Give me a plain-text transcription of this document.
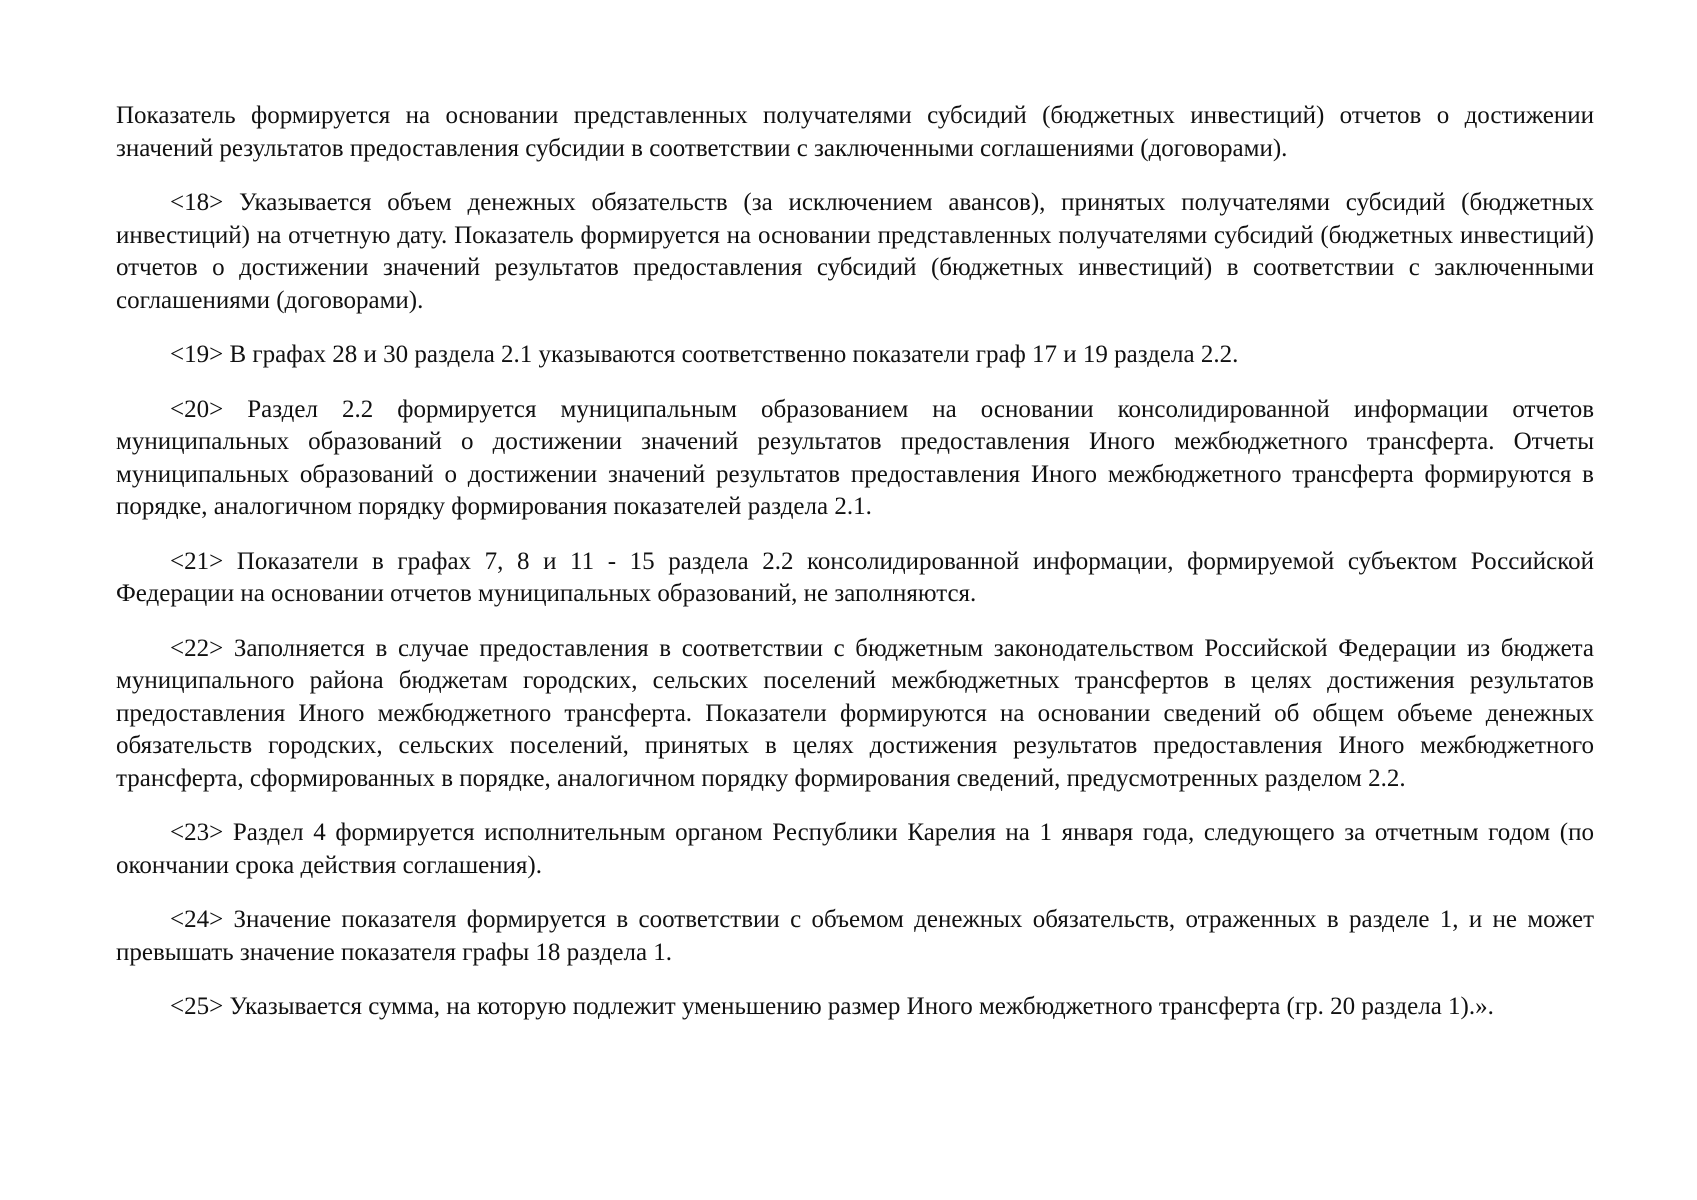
Показатель формируется на основании представленных получателями субсидий (бюджетных инвестиций) отчетов о достижении значений результатов предоставления субсидии в соответствии с заключенными соглашениями (договорами).

<18> Указывается объем денежных обязательств (за исключением авансов), принятых получателями субсидий (бюджетных инвестиций) на отчетную дату. Показатель формируется на основании представленных получателями субсидий (бюджетных инвестиций) отчетов о достижении значений результатов предоставления субсидий (бюджетных инвестиций) в соответствии с заключенными соглашениями (договорами).

<19> В графах 28 и 30 раздела 2.1 указываются соответственно показатели граф 17 и 19 раздела 2.2.

<20> Раздел 2.2 формируется муниципальным образованием на основании консолидированной информации отчетов муниципальных образований о достижении значений результатов предоставления Иного межбюджетного трансферта. Отчеты муниципальных образований о достижении значений результатов предоставления Иного межбюджетного трансферта формируются в порядке, аналогичном порядку формирования показателей раздела 2.1.

<21> Показатели в графах 7, 8 и 11 - 15 раздела 2.2 консолидированной информации, формируемой субъектом Российской Федерации на основании отчетов муниципальных образований, не заполняются.

<22> Заполняется в случае предоставления в соответствии с бюджетным законодательством Российской Федерации из бюджета муниципального района бюджетам городских, сельских поселений межбюджетных трансфертов в целях достижения результатов предоставления Иного межбюджетного трансферта. Показатели формируются на основании сведений об общем объеме денежных обязательств городских, сельских поселений, принятых в целях достижения результатов предоставления Иного межбюджетного трансферта, сформированных в порядке, аналогичном порядку формирования сведений, предусмотренных разделом 2.2.

<23> Раздел 4 формируется исполнительным органом Республики Карелия на 1 января года, следующего за отчетным годом (по окончании срока действия соглашения).

<24> Значение показателя формируется в соответствии с объемом денежных обязательств, отраженных в разделе 1, и не может превышать значение показателя графы 18 раздела 1.

<25> Указывается сумма, на которую подлежит уменьшению размер Иного межбюджетного трансферта (гр. 20 раздела 1).».
